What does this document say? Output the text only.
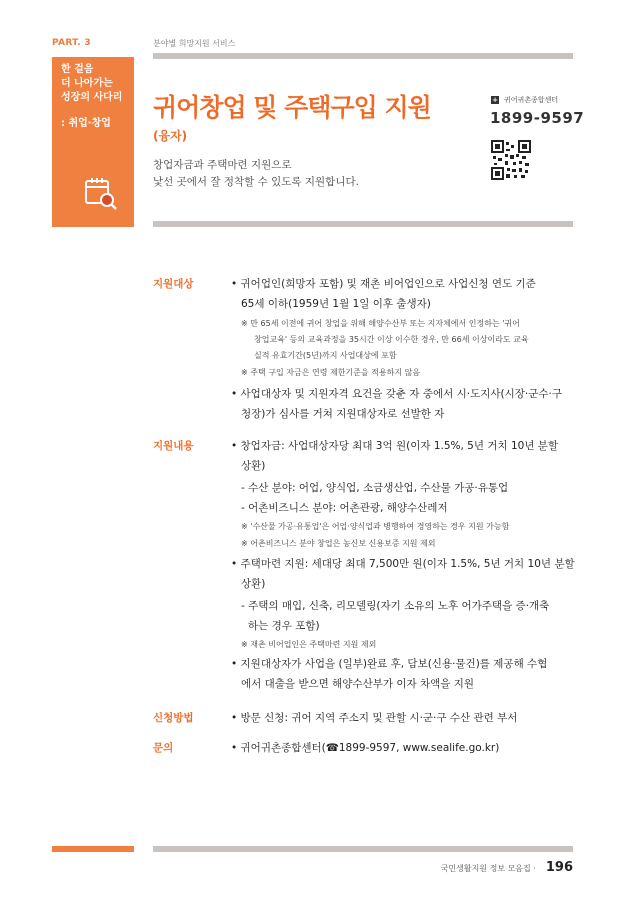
PART. 3	분야별 희망지원 서비스
한 걸음
더 나아가는
성장의 사다리
: 취업·창업
귀어창업 및 주택구입 지원
(융자)
창업자금과 주택마련 지원으로
낯선 곳에서 잘 정착할 수 있도록 지원합니다.
+ 귀어귀촌종합센터
1899-9597
지원대상	• 귀어업인(희망자 포함) 및 재촌 비어업인으로 사업신청 연도 기준
65세 이하(1959년 1월 1일 이후 출생자)
※ 만 65세 이전에 귀어 창업을 위해 해양수산부 또는 지자체에서 인정하는 '귀어
창업교육' 등의 교육과정을 35시간 이상 이수한 경우, 만 66세 이상이라도 교육
실적 유효기간(5년)까지 사업대상에 포함
※ 주택 구입 자금은 연령 제한기준을 적용하지 않음
• 사업대상자 및 지원자격 요건을 갖춘 자 중에서 시·도지사(시장·군수·구
청장)가 심사를 거쳐 지원대상자로 선발한 자
지원내용	• 창업자금: 사업대상자당 최대 3억 원(이자 1.5%, 5년 거치 10년 분할
상환)
- 수산 분야: 어업, 양식업, 소금생산업, 수산물 가공·유통업
- 어촌비즈니스 분야: 어촌관광, 해양수산레저
※ '수산물 가공·유통업'은 어업·양식업과 병행하여 경영하는 경우 지원 가능함
※ 어촌비즈니스 분야 창업은 농신보 신용보증 지원 제외
• 주택마련 지원: 세대당 최대 7,500만 원(이자 1.5%, 5년 거치 10년 분할
상환)
- 주택의 매입, 신축, 리모델링(자기 소유의 노후 어가주택을 증·개축
하는 경우 포함)
※ 재촌 비어업인은 주택마련 지원 제외
• 지원대상자가 사업을 (일부)완료 후, 담보(신용·물건)를 제공해 수협
에서 대출을 받으면 해양수산부가 이자 차액을 지원
신청방법	• 방문 신청: 귀어 지역 주소지 및 관할 시·군·구 수산 관련 부서
문의	• 귀어귀촌종합센터(☎1899-9597, www.sealife.go.kr)
국민생활지원 정보 모음집 · 196
